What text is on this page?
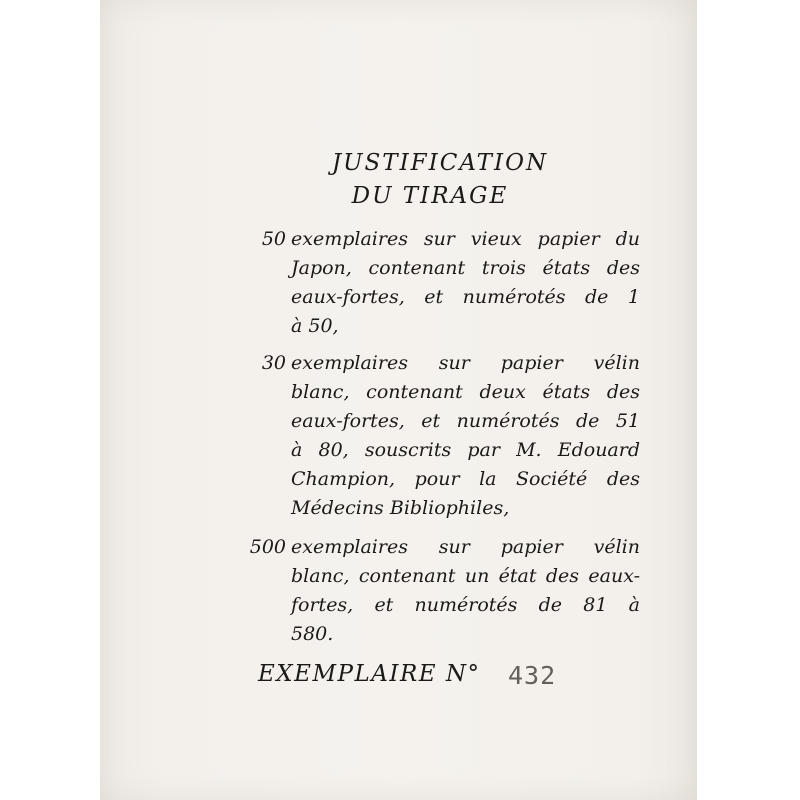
JUSTIFICATION
DU TIRAGE
50 exemplaires sur vieux papier du
Japon, contenant trois états des
eaux-fortes, et numérotés de 1
à 50,
30 exemplaires sur papier vélin
blanc, contenant deux états des
eaux-fortes, et numérotés de 51
à 80, souscrits par M. Edouard
Champion, pour la Société des
Médecins Bibliophiles,
500 exemplaires sur papier vélin
blanc, contenant un état des eaux-
fortes, et numérotés de 81 à
580.
EXEMPLAIRE N° 432
